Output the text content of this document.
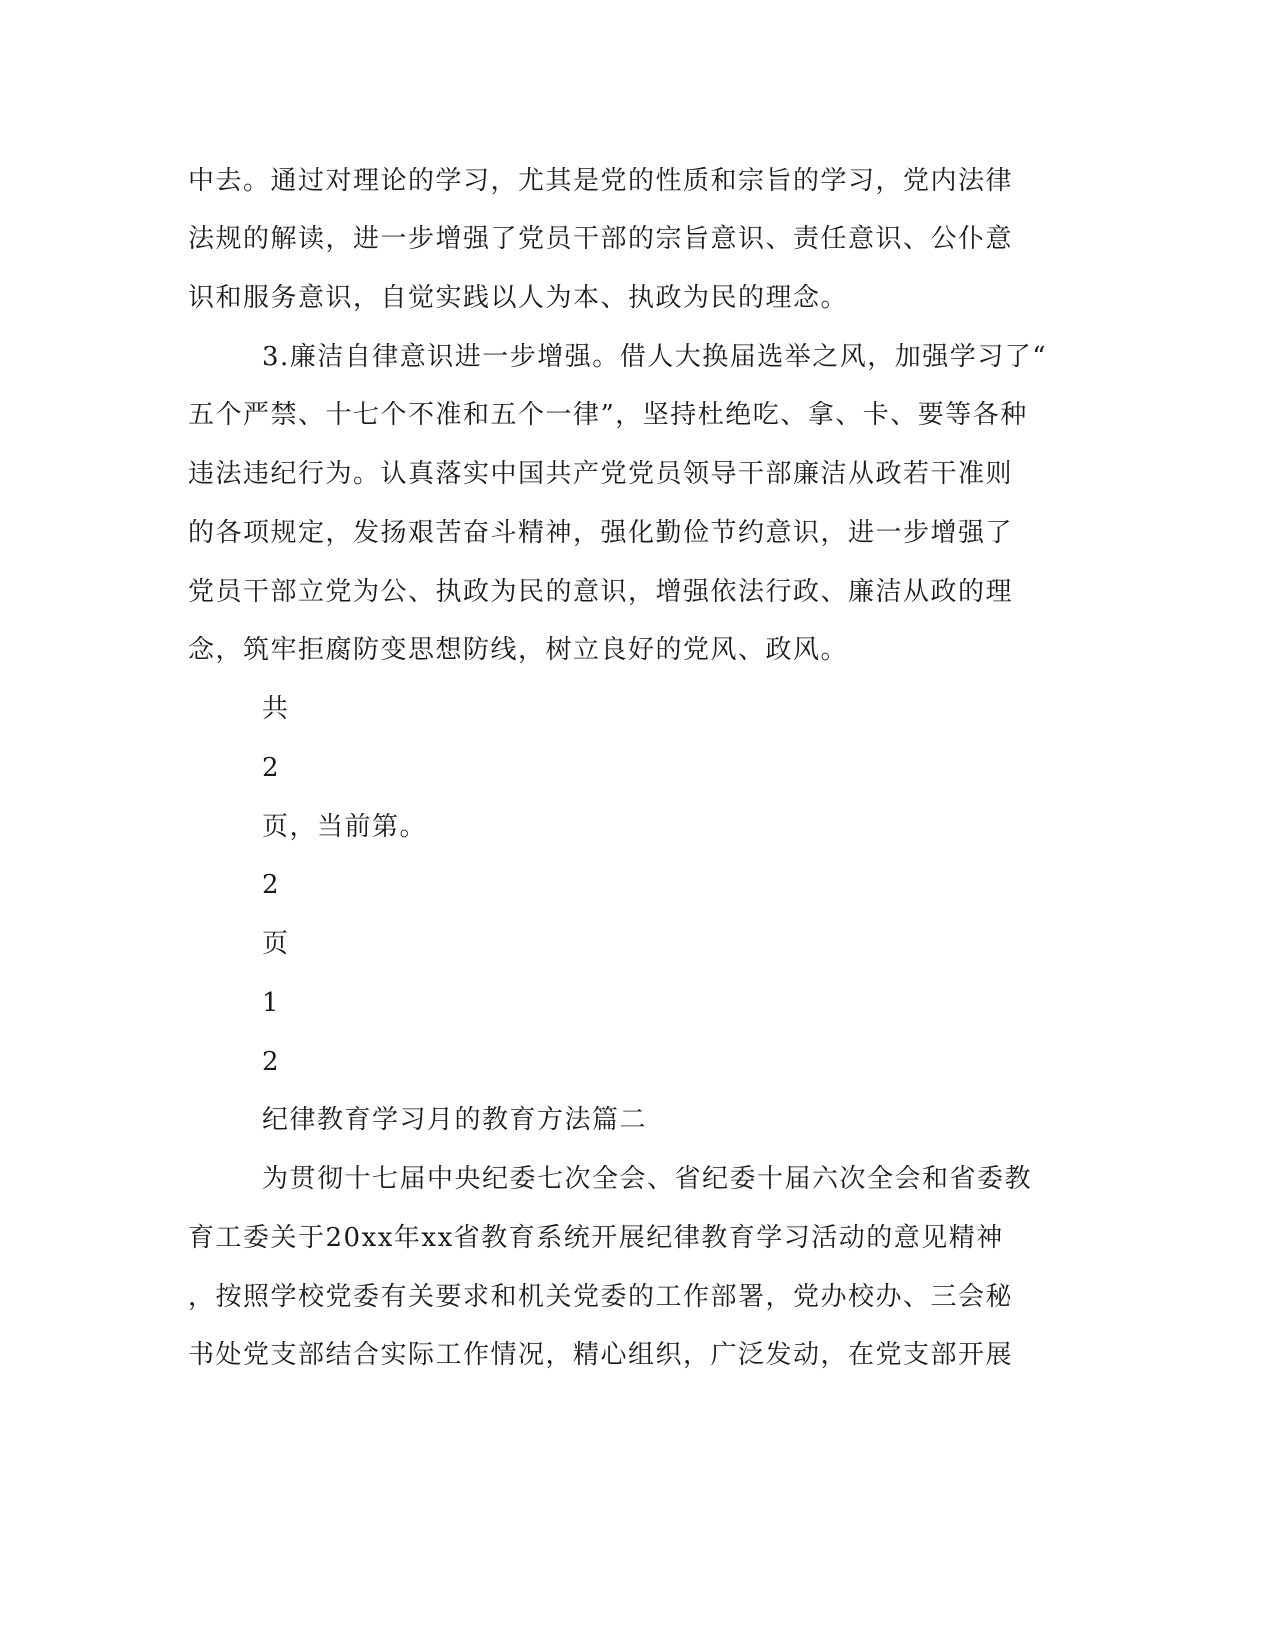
中去。通过对理论的学习，尤其是党的性质和宗旨的学习，党内法律
法规的解读，进一步增强了党员干部的宗旨意识、责任意识、公仆意
识和服务意识，自觉实践以人为本、执政为民的理念。
3.廉洁自律意识进一步增强。借人大换届选举之风，加强学习了“
五个严禁、十七个不准和五个一律”，坚持杜绝吃、拿、卡、要等各种
违法违纪行为。认真落实中国共产党党员领导干部廉洁从政若干准则
的各项规定，发扬艰苦奋斗精神，强化勤俭节约意识，进一步增强了
党员干部立党为公、执政为民的意识，增强依法行政、廉洁从政的理
念，筑牢拒腐防变思想防线，树立良好的党风、政风。
共
2
页，当前第。
2
页
1
2
纪律教育学习月的教育方法篇二
为贯彻十七届中央纪委七次全会、省纪委十届六次全会和省委教
育工委关于20xx年xx省教育系统开展纪律教育学习活动的意见精神
，按照学校党委有关要求和机关党委的工作部署，党办校办、三会秘
书处党支部结合实际工作情况，精心组织，广泛发动，在党支部开展
